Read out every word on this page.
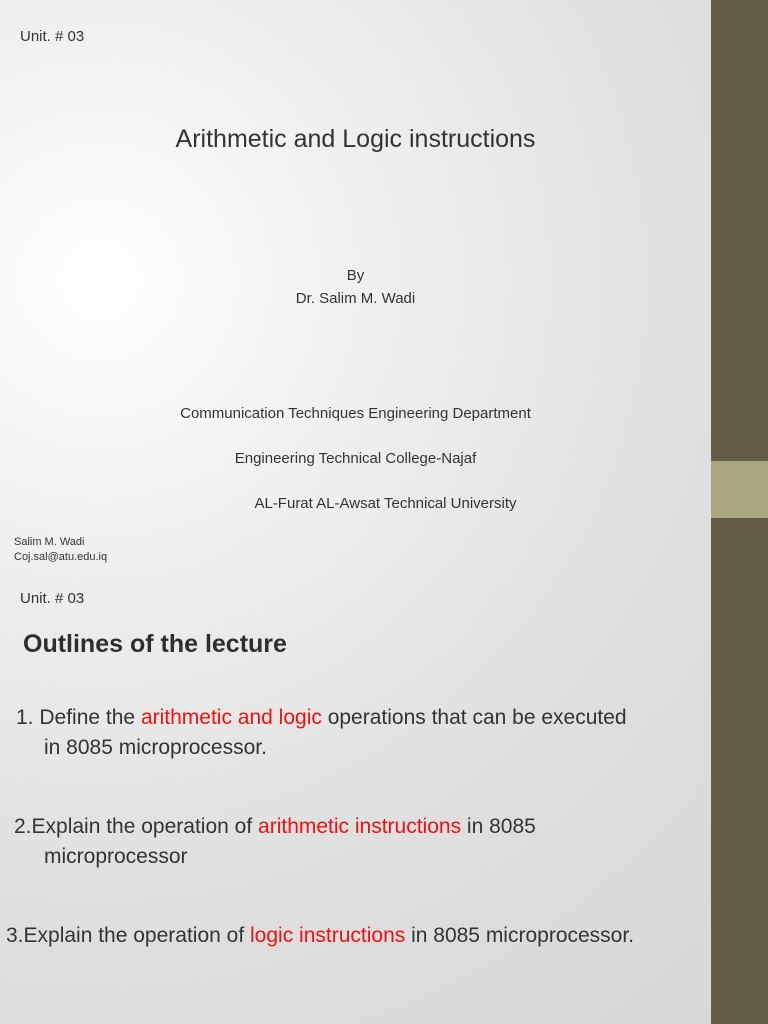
Unit. # 03
Arithmetic and Logic instructions
By
Dr. Salim M. Wadi
Communication Techniques Engineering Department
Engineering Technical College-Najaf
AL-Furat AL-Awsat Technical University
Salim M. Wadi
Coj.sal@atu.edu.iq
Unit. # 03
Outlines of the lecture
1. Define the arithmetic and logic operations that can be executed
in 8085 microprocessor.
2.Explain the operation of arithmetic instructions in 8085
microprocessor
3.Explain the operation of logic instructions in 8085 microprocessor.
